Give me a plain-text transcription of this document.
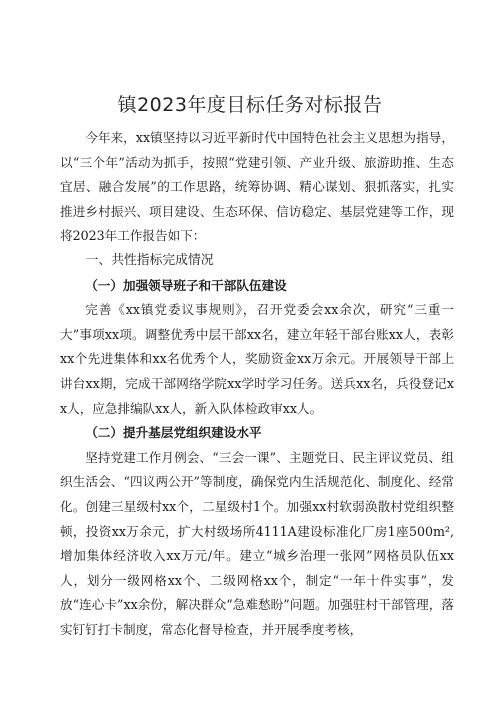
镇2023年度目标任务对标报告

今年来，xx镇坚持以习近平新时代中国特色社会主义思想为指导，以“三个年”活动为抓手，按照“党建引领、产业升级、旅游助推、生态宜居、融合发展”的工作思路，统筹协调、精心谋划、狠抓落实，扎实推进乡村振兴、项目建设、生态环保、信访稳定、基层党建等工作，现将2023年工作报告如下：

一、共性指标完成情况

（一）加强领导班子和干部队伍建设

完善《xx镇党委议事规则》，召开党委会xx余次，研究“三重一大”事项xx项。调整优秀中层干部xx名，建立年轻干部台账xx人，表彰xx个先进集体和xx名优秀个人，奖励资金xx万余元。开展领导干部上讲台xx期，完成干部网络学院xx学时学习任务。送兵xx名，兵役登记xx人，应急排编队xx人，新入队体检政审xx人。

（二）提升基层党组织建设水平

坚持党建工作月例会、“三会一课”、主题党日、民主评议党员、组织生活会、“四议两公开”等制度，确保党内生活规范化、制度化、经常化。创建三星级村xx个，二星级村1个。加强xx村软弱涣散村党组织整顿，投资xx万余元，扩大村级场所4111A建设标准化厂房1座500m²,增加集体经济收入xx万元/年。建立“城乡治理一张网”网格员队伍xx人，划分一级网格xx个、二级网格xx个，制定“一年十件实事”，发放“连心卡”xx余份，解决群众“急难愁盼”问题。加强驻村干部管理，落实钉钉打卡制度，常态化督导检查，并开展季度考核，
